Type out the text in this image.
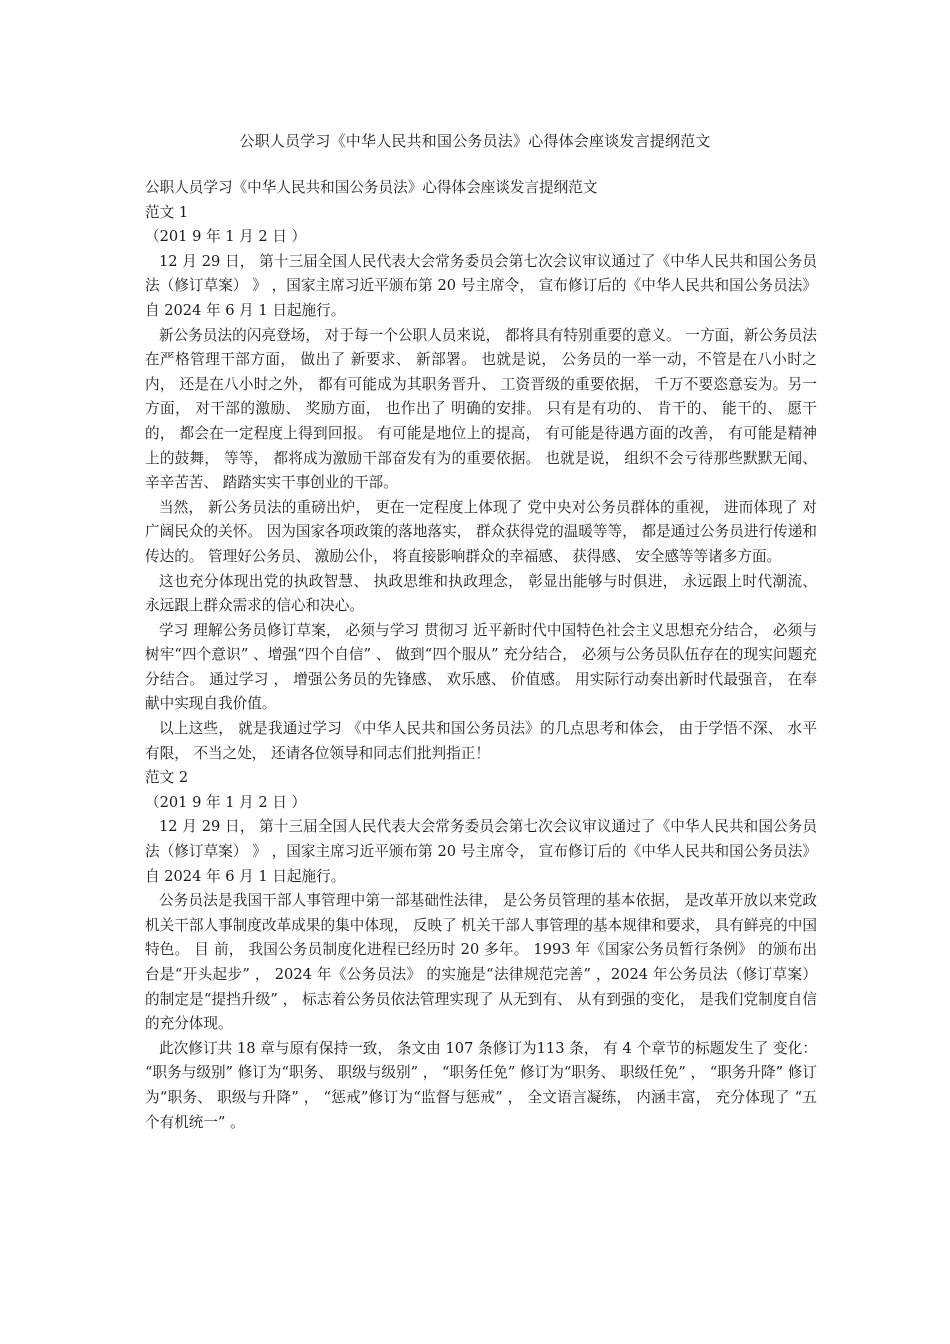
公职人员学习《中华人民共和国公务员法》心得体会座谈发言提纲范文

公职人员学习《中华人民共和国公务员法》心得体会座谈发言提纲范文

范文 1

（201 9 年 1 月 2 日 ）

12 月 29 日， 第十三届全国人民代表大会常务委员会第七次会议审议通过了《中华人民共和国公务员法（修订草案） 》 ，国家主席习近平颁布第 20 号主席令， 宣布修订后的《中华人民共和国公务员法》 自 2024 年 6 月 1 日起施行。

新公务员法的闪亮登场， 对于每一个公职人员来说， 都将具有特别重要的意义。 一方面，新公务员法在严格管理干部方面， 做出了 新要求、 新部署。 也就是说， 公务员的一举一动，不管是在八小时之内， 还是在八小时之外， 都有可能成为其职务晋升、 工资晋级的重要依据， 千万不要恣意妄为。另一方面， 对干部的激励、 奖励方面， 也作出了 明确的安排。 只有是有功的、 肯干的、 能干的、 愿干的， 都会在一定程度上得到回报。 有可能是地位上的提高， 有可能是待遇方面的改善， 有可能是精神上的鼓舞， 等等， 都将成为激励干部奋发有为的重要依据。 也就是说， 组织不会亏待那些默默无闻、 辛辛苦苦、 踏踏实实干事创业的干部。

当然， 新公务员法的重磅出炉， 更在一定程度上体现了 党中央对公务员群体的重视， 进而体现了 对广阔民众的关怀。 因为国家各项政策的落地落实， 群众获得党的温暖等等， 都是通过公务员进行传递和传达的。 管理好公务员、 激励公仆， 将直接影响群众的幸福感、 获得感、 安全感等等诸多方面。

这也充分体现出党的执政智慧、 执政思维和执政理念， 彰显出能够与时俱进， 永远跟上时代潮流、 永远跟上群众需求的信心和决心。

学习 理解公务员修订草案， 必须与学习 贯彻习 近平新时代中国特色社会主义思想充分结合， 必须与树牢“四个意识” 、增强“四个自信” 、 做到“四个服从” 充分结合， 必须与公务员队伍存在的现实问题充分结合。 通过学习 ， 增强公务员的先锋感、 欢乐感、 价值感。 用实际行动奏出新时代最强音， 在奉献中实现自我价值。

以上这些， 就是我通过学习 《中华人民共和国公务员法》的几点思考和体会， 由于学悟不深、 水平有限， 不当之处， 还请各位领导和同志们批判指正！

范文 2

（201 9 年 1 月 2 日 ）

12 月 29 日， 第十三届全国人民代表大会常务委员会第七次会议审议通过了《中华人民共和国公务员法（修订草案） 》 ，国家主席习近平颁布第 20 号主席令， 宣布修订后的《中华人民共和国公务员法》 自 2024 年 6 月 1 日起施行。

公务员法是我国干部人事管理中第一部基础性法律， 是公务员管理的基本依据， 是改革开放以来党政机关干部人事制度改革成果的集中体现， 反映了 机关干部人事管理的基本规律和要求， 具有鲜亮的中国特色。 目 前， 我国公务员制度化进程已经历时 20 多年。 1993 年《国家公务员暂行条例》 的颁布出台是“开头起步” ， 2024 年《公务员法》 的实施是“法律规范完善” ，2024 年公务员法（修订草案） 的制定是“提挡升级” ， 标志着公务员依法管理实现了 从无到有、 从有到强的变化， 是我们党制度自信的充分体现。

此次修订共 18 章与原有保持一致， 条文由 107 条修订为113 条， 有 4 个章节的标题发生了 变化： “职务与级别” 修订为“职务、 职级与级别” ， “职务任免” 修订为“职务、 职级任免” ， “职务升降” 修订为“职务、 职级与升降” ， “惩戒”修订为“监督与惩戒” ， 全文语言凝练， 内涵丰富， 充分体现了 “五个有机统一” 。
